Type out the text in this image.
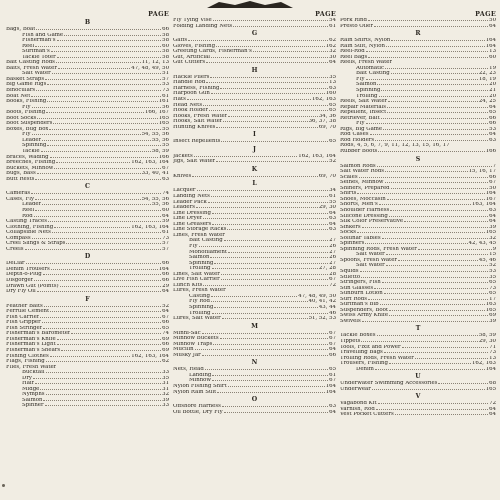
PAGE
B
Bags, Boat	66
Fish and Game	58
Fisherman's	58
Reel	60
Surfman's	58
Tackle Toter	58
Bait Casting Rods	11, 12, 13
Baits, Fresh Water	47, 48, 49, 50
Salt Water	51
Basket Straps	57
Big Game Rigs	53
Binoculars	73
Boat Net	61
Books, Fishing	161
Fly	56
Boots, Fishing	166, 167
Boot Socks	165
Boot Suspenders	165
Boxes, Bug Box	55
Fly	54, 55, 56
Leader	55, 56
Spinning	55
Tackle	58, 59
Braces, Wading	166
Breeches, Fishing	162, 163, 164
Buckets, Minnow	67
Bugs, Bass	33, 40, 41
Butt Rests	63
C
Cameras	74
Cases, Fly	54, 55, 56
Leader	55, 56
Reel	60
Rod	64
Casting Traces	59
Clothing, Fishing	162, 163, 164
Collapsible Nets	61
Compass	73
Creel Slings & Straps	57
Creels	57
D
DeLiar	66
Denim Trousers	164
Depth-o-Plug	66
Disgorger	66
Drawn Gut (Points)	29
Dry Fly Oil	64
F
Feather Baits	52
Ferrule Cement	64
Fish Carrier	67
Fish Gripper	66
Fish Stringer	65
Fisherman's Barometer	74
Fisherman's Knife	69
Fisherman's Light	66
Fisherman's Shears	69
Fishing Clothes	162, 163, 164
Flags, Fishing	62
Flies, Fresh Water
Bucktail	33
Dry	35
Hair	31
Midge	31
Nymphs	32
Salmon	39
Spinner	33
PAGE
Fly Tying Vise	54
Folding Landing Nets	61
G
Gaffs	62
Gloves, Fishing	162
Greeting Cards, Fisherman's	32
Gut, Artificial	30
Gut Cutters	64
H
Hackle Pliers	35
Handle Rod	13
Harness, Fishing	63
Harpoon Gun	160
Hats	162, 163
Head Nets	65
Hook Holder	65
Hooks, Fresh Water	34, 36
Hooks, Salt Water	36, 37, 38
Hunting Knives	69, 70
I
Insect Repellents	65
J
Jackets	162, 163, 164
Jigs, Salt Water	52
K
Knives	69, 70
L
Lacquer	34
Landing Nets	61
Leader Pack	55
Leaders	29, 30
Line Dressing	64
Line Dryer	63
Line Greasers	64
Line Storage Racks	63
Lines, Fresh Water
Bait Casting	27
Fly	26
Monofilament	27
Salmon	26
Spinning	27
Trolling	27, 28
Lines, Salt Water	28
Live Fish Carrier	67
Lunch Kits	72
Lures, Fresh Water
Casting	47, 48, 49, 50
Fly Rod	40, 41, 42
Spinning	43, 44
Trolling	46
Lures, Salt Water	51, 52, 53
M
Minni-Sac	67
Minnow Buckets	67
Minnow Traps	67
Mucilin	64
Musky Jar	66
N
Nets, Head	65
Landing	61
Minnow	67
Nylon Fishing Shirt	164
Nylon Rain Suit	164
O
Offshore Harness	63
Oil Bottle, Dry Fly	64
PAGE
Pork Rind	50
Presto Oiler	64
R
Rain Shirts, Nylon	164
Rain Suit, Nylon	164
Reel-Rod	13
Reel Bags	60
Reels, Fresh Water
Automatic	19
Bait Casting	22, 23
Fly	18, 19
Salmon	20
Spinning	21
Trolling	20
Reels, Salt Water	24, 25
Repair Materials	64
Repellent, Insect	65
Retriever, Bait	66
Fly	66
Rigs, Big Game	53
Rod Cases	64
Rod Holders	63
Rods, 4, 5, 6, 7, 9, 11, 12, 13, 15, 16, 17
Rubber Boots	166
S
Salmon Rods	7
Salt Water Rods	15, 16, 17
Scales	66
Seines, Minnow	67
Shiners, Prepared	50
Shirts	164
Shoes, Moccasin	167
Shorts, Men's	163, 164
Shoulder Harness	63
Silicone Dressing	64
Silk Color Preservative	64
Sinkers	39
Socks	165
Solunar Tables	32
Spinners	42, 43, 45
Spinning Rods, Fresh Water	9
Salt Water	15
Spoons, Fresh Water	45, 46
Salt Water	52
Squids	53
Stiletto	35
Stringers, Fish	65
Sun Glasses	73
Sunburn Lotion	65
Surf Rods	17
Surfman's Bib	163
Suspenders, Boot	165
Swiss Army Knife	69
Swivels	39
T
Tackle Boxes	58, 59
Tippets	29, 30
Tools, Fixit and Power	71
Travelling Bags	73
Trolling Rods, Fresh Water	13
Trousers, Fishing	162, 163
Denim	164
U
Underwater Swimming Accessories	68
Underwear	165
V
Vagabond Kit	72
Varnish, Rod	64
Vest Pocket Cutters	64
